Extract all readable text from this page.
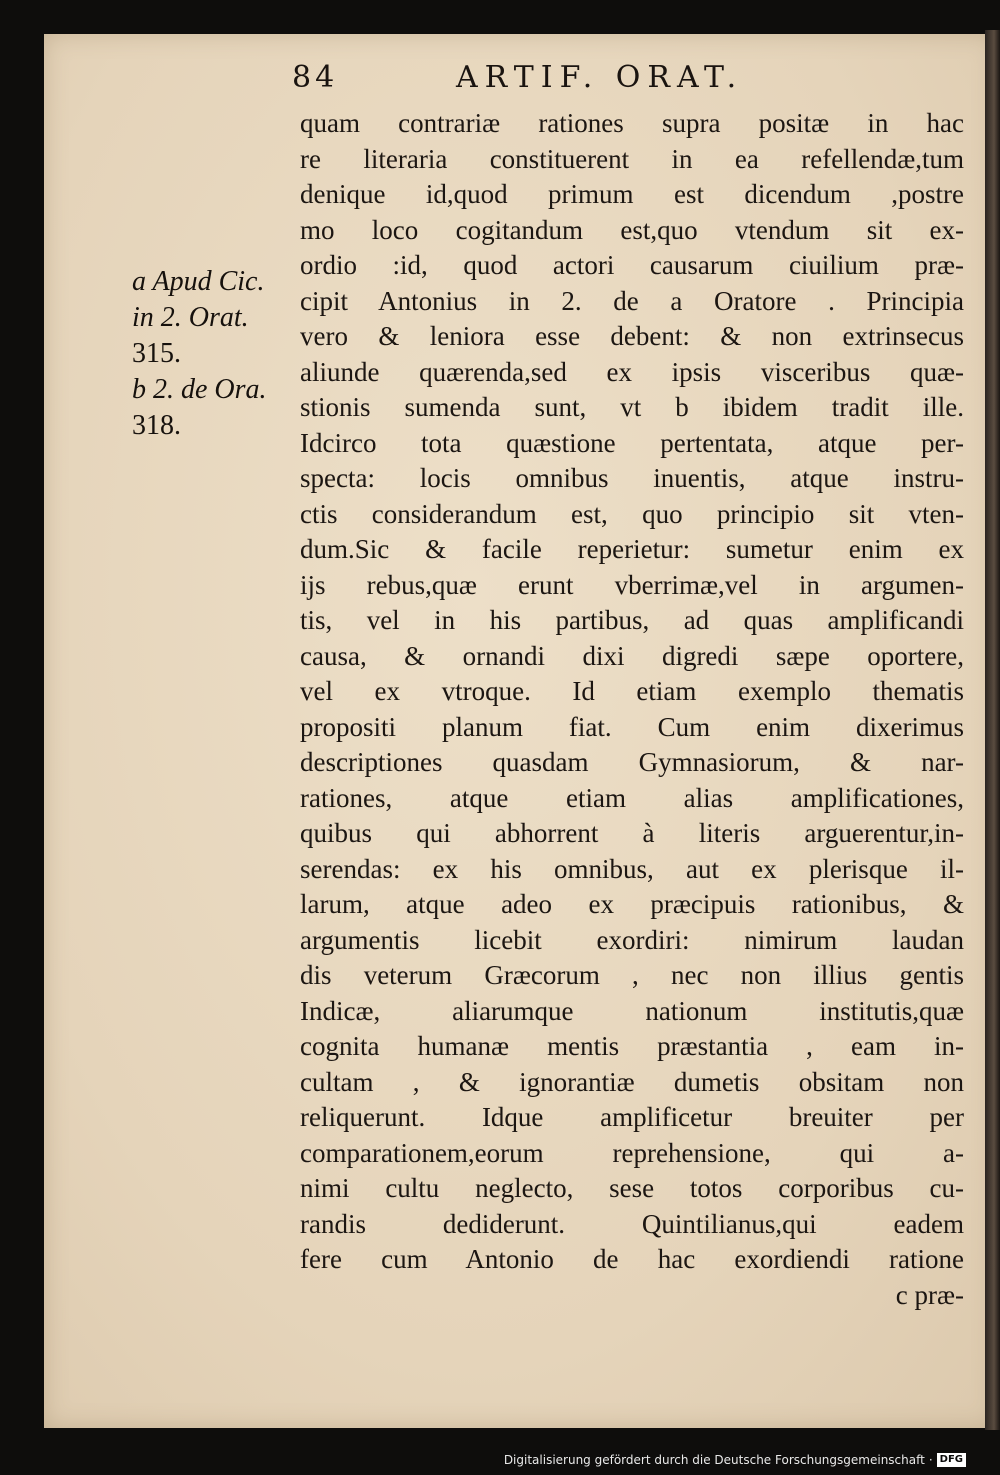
84	ARTIF. ORAT.
a Apud Cic.
in 2. Orat.
315.
b 2. de Ora.
318.
quam contrariæ rationes supra positæ in hac
re literaria constituerent in ea refellendæ,tum
denique id,quod primum est dicendum ,postre
mo loco cogitandum est,quo vtendum sit ex-
ordio :id, quod actori causarum ciuilium præ-
cipit Antonius in 2. de a Oratore . Principia
vero & leniora esse debent: & non extrinsecus
aliunde quærenda,sed ex ipsis visceribus quæ-
stionis sumenda sunt, vt b ibidem tradit ille.
Idcirco tota quæstione pertentata, atque per-
specta: locis omnibus inuentis, atque instru-
ctis considerandum est, quo principio sit vten-
dum.Sic & facile reperietur: sumetur enim ex
ijs rebus,quæ erunt vberrimæ,vel in argumen-
tis, vel in his partibus, ad quas amplificandi
causa, & ornandi dixi digredi sæpe oportere,
vel ex vtroque. Id etiam exemplo thematis
propositi planum fiat. Cum enim dixerimus
descriptiones quasdam Gymnasiorum, & nar-
rationes, atque etiam alias amplificationes,
quibus qui abhorrent à literis arguerentur,in-
serendas: ex his omnibus, aut ex plerisque il-
larum, atque adeo ex præcipuis rationibus, &
argumentis licebit exordiri: nimirum laudan
dis veterum Græcorum , nec non illius gentis
Indicæ, aliarumque nationum institutis,quæ
cognita humanæ mentis præstantia , eam in-
cultam , & ignorantiæ dumetis obsitam non
reliquerunt. Idque amplificetur breuiter per
comparationem,eorum reprehensione, qui a-
nimi cultu neglecto, sese totos corporibus cu-
randis dediderunt. Quintilianus,qui eadem
fere cum Antonio de hac exordiendi ratione
c præ-
Digitalisierung gefördert durch die Deutsche Forschungsgemeinschaft · DFG
